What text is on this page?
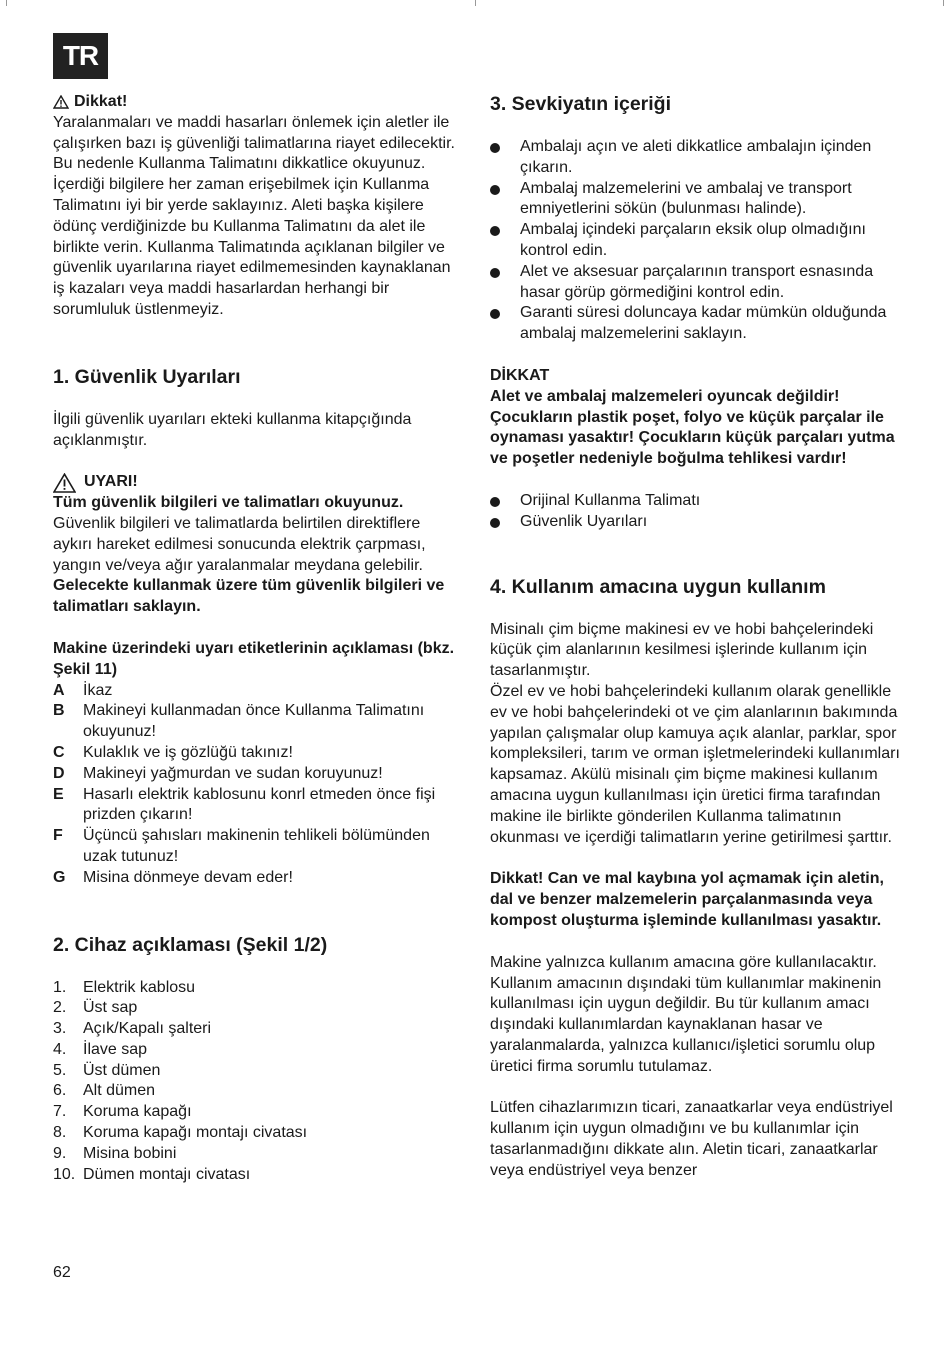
TR
Dikkat!

Yaralanmaları ve maddi hasarları önlemek için aletler ile çalışırken bazı iş güvenliği talimatlarına riayet edilecektir. Bu nedenle Kullanma Talimatını dikkatlice okuyunuz. İçerdiği bilgilere her zaman erişebilmek için Kullanma Talimatını iyi bir yerde saklayınız. Aleti başka kişilere ödünç verdiğinizde bu Kullanma Talimatını da alet ile birlikte verin. Kullanma Talimatında açıklanan bilgiler ve güvenlik uyarılarına riayet edilmemesinden kaynaklanan iş kazaları veya maddi hasarlardan herhangi bir sorumluluk üstlenmeyiz.

1. Güvenlik Uyarıları

İlgili güvenlik uyarıları ekteki kullanma kitapçığında açıklanmıştır.

UYARI!

Tüm güvenlik bilgileri ve talimatları okuyunuz.

Güvenlik bilgileri ve talimatlarda belirtilen direktiflere aykırı hareket edilmesi sonucunda elektrik çarpması, yangın ve/veya ağır yaralanmalar meydana gelebilir.

Gelecekte kullanmak üzere tüm güvenlik bilgileri ve talimatları saklayın.

Makine üzerindeki uyarı etiketlerinin açıklaması (bkz. Şekil 11)

A	İkaz
B	Makineyi kullanmadan önce Kullanma Talimatını okuyunuz!
C	Kulaklık ve iş gözlüğü takınız!
D	Makineyi yağmurdan ve sudan koruyunuz!
E	Hasarlı elektrik kablosunu konrl etmeden önce fişi prizden çıkarın!
F	Üçüncü şahısları makinenin tehlikeli bölümünden uzak tutunuz!
G	Misina dönmeye devam eder!
2. Cihaz açıklaması (Şekil 1/2)
1.	Elektrik kablosu
2.	Üst sap
3.	Açık/Kapalı şalteri
4.	İlave sap
5.	Üst dümen
6.	Alt dümen
7.	Koruma kapağı
8.	Koruma kapağı montajı civatası
9.	Misina bobini
10. Dümen montajı civatası
3. Sevkiyatın içeriği
Ambalajı açın ve aleti dikkatlice ambalajın içinden çıkarın.
Ambalaj malzemelerini ve ambalaj ve transport emniyetlerini sökün (bulunması halinde).
Ambalaj içindeki parçaların eksik olup olmadığını kontrol edin.
Alet ve aksesuar parçalarının transport esnasında hasar görüp görmediğini kontrol edin.
Garanti süresi doluncaya kadar mümkün olduğunda ambalaj malzemelerini saklayın.

DİKKAT

Alet ve ambalaj malzemeleri oyuncak değildir! Çocukların plastik poşet, folyo ve küçük parçalar ile oynaması yasaktır! Çocukların küçük parçaları yutma ve poşetler nedeniyle boğulma tehlikesi vardır!

Orijinal Kullanma Talimatı
Güvenlik Uyarıları
4. Kullanım amacına uygun kullanım

Misinalı çim biçme makinesi ev ve hobi bahçelerindeki küçük çim alanlarının kesilmesi işlerinde kullanım için tasarlanmıştır.

Özel ev ve hobi bahçelerindeki kullanım olarak genellikle ev ve hobi bahçelerindeki ot ve çim alanlarının bakımında yapılan çalışmalar olup kamuya açık alanlar, parklar, spor kompleksileri, tarım ve orman işletmelerindeki kullanımları kapsamaz. Akülü misinalı çim biçme makinesi kullanım amacına uygun kullanılması için üretici firma tarafından makine ile birlikte gönderilen Kullanma talimatının okunması ve içerdiği talimatların yerine getirilmesi şarttır.

Dikkat! Can ve mal kaybına yol açmamak için aletin, dal ve benzer malzemelerin parçalanmasında veya kompost oluşturma işleminde kullanılması yasaktır.

Makine yalnızca kullanım amacına göre kullanılacaktır. Kullanım amacının dışındaki tüm kullanımlar makinenin kullanılması için uygun değildir. Bu tür kullanım amacı dışındaki kullanımlardan kaynaklanan hasar ve yaralanmalarda, yalnızca kullanıcı/işletici sorumlu olup üretici firma sorumlu tutulamaz.

Lütfen cihazlarımızın ticari, zanaatkarlar veya endüstriyel kullanım için uygun olmadığını ve bu kullanımlar için tasarlanmadığını dikkate alın. Aletin ticari, zanaatkarlar veya endüstriyel veya benzer

62
